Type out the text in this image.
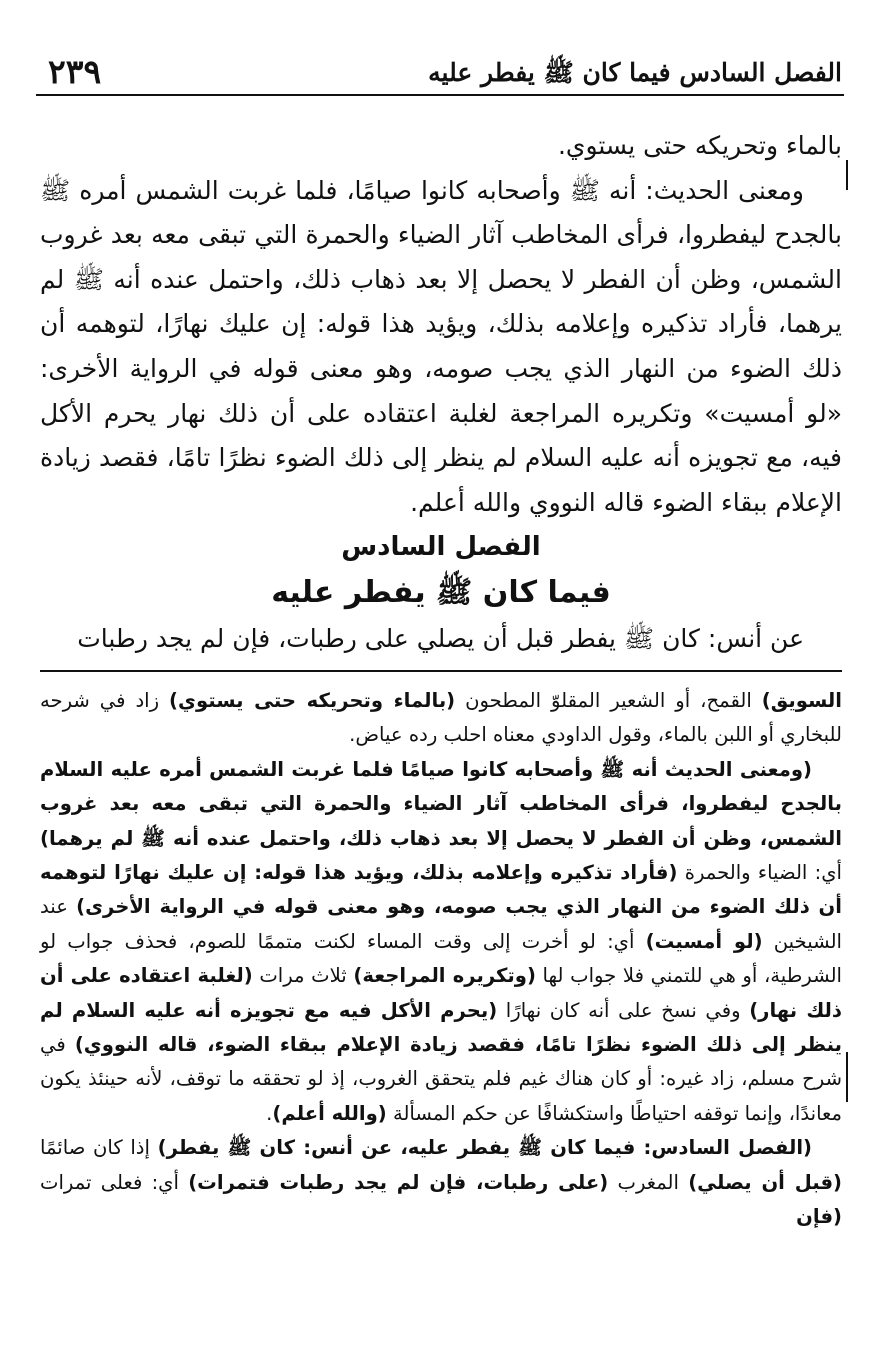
٢٣٩	الفصل السادس فيما كان ﷺ يفطر عليه

بالماء وتحريكه حتى يستوي.

ومعنى الحديث: أنه ﷺ وأصحابه كانوا صيامًا، فلما غربت الشمس أمره ﷺ بالجدح ليفطروا، فرأى المخاطب آثار الضياء والحمرة التي تبقى معه بعد غروب الشمس، وظن أن الفطر لا يحصل إلا بعد ذهاب ذلك، واحتمل عنده أنه ﷺ لم يرهما، فأراد تذكيره وإعلامه بذلك، ويؤيد هذا قوله: إن عليك نهارًا، لتوهمه أن ذلك الضوء من النهار الذي يجب صومه، وهو معنى قوله في الرواية الأخرى: «لو أمسيت» وتكريره المراجعة لغلبة اعتقاده على أن ذلك نهار يحرم الأكل فيه، مع تجويزه أنه عليه السلام لم ينظر إلى ذلك الضوء نظرًا تامًا، فقصد زيادة الإعلام ببقاء الضوء قاله النووي والله أعلم.

الفصل السادس
فيما كان ﷺ يفطر عليه

عن أنس: كان ﷺ يفطر قبل أن يصلي على رطبات، فإن لم يجد رطبات

السويق) القمح، أو الشعير المقلوّ المطحون (بالماء وتحريكه حتى يستوي) زاد في شرحه للبخاري أو اللبن بالماء، وقول الداودي معناه احلب رده عياض.

(ومعنى الحديث أنه ﷺ وأصحابه كانوا صيامًا فلما غربت الشمس أمره عليه السلام بالجدح ليفطروا، فرأى المخاطب آثار الضياء والحمرة التي تبقى معه بعد غروب الشمس، وظن أن الفطر لا يحصل إلا بعد ذهاب ذلك، واحتمل عنده أنه ﷺ لم يرهما) أي: الضياء والحمرة (فأراد تذكيره وإعلامه بذلك، ويؤيد هذا قوله: إن عليك نهارًا لتوهمه أن ذلك الضوء من النهار الذي يجب صومه، وهو معنى قوله في الرواية الأخرى) عند الشيخين (لو أمسيت) أي: لو أخرت إلى وقت المساء لكنت متممًا للصوم، فحذف جواب لو الشرطية، أو هي للتمني فلا جواب لها (وتكريره المراجعة) ثلاث مرات (لغلبة اعتقاده على أن ذلك نهار) وفي نسخ على أنه كان نهارًا (يحرم الأكل فيه مع تجويزه أنه عليه السلام لم ينظر إلى ذلك الضوء نظرًا تامًا، فقصد زيادة الإعلام ببقاء الضوء، قاله النووي) في شرح مسلم، زاد غيره: أو كان هناك غيم فلم يتحقق الغروب، إذ لو تحققه ما توقف، لأنه حينئذ يكون معاندًا، وإنما توقفه احتياطًا واستكشافًا عن حكم المسألة (والله أعلم).

(الفصل السادس: فيما كان ﷺ يفطر عليه، عن أنس: كان ﷺ يفطر) إذا كان صائمًا (قبل أن يصلي) المغرب (على رطبات، فإن لم يجد رطبات فتمرات) أي: فعلى تمرات (فإن
